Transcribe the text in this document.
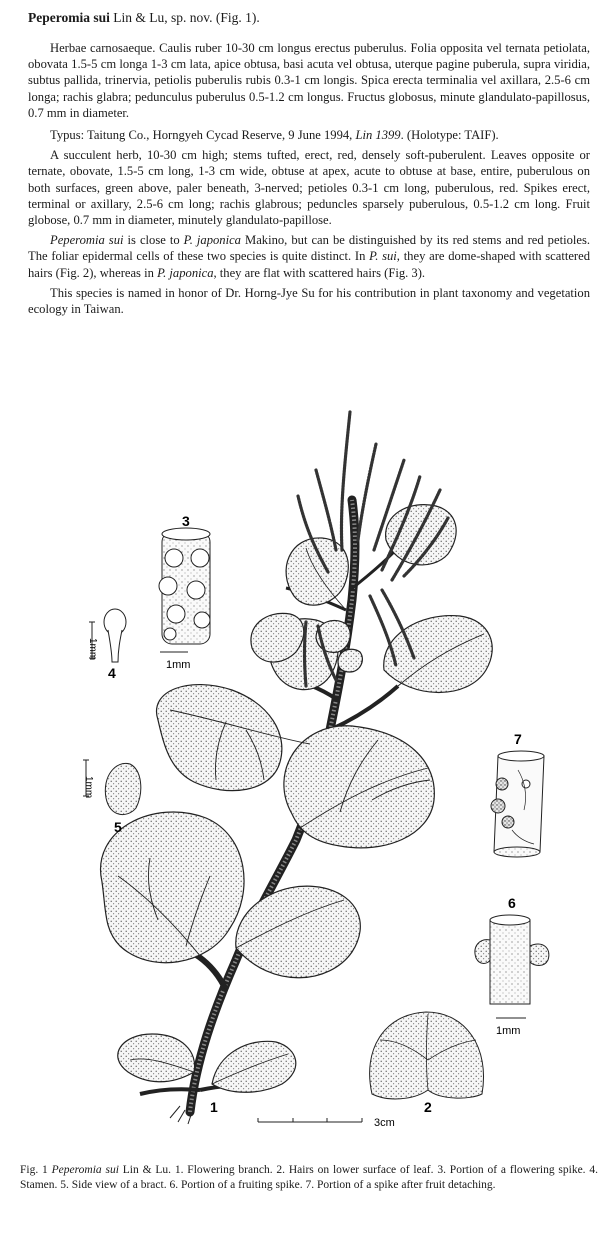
Peperomia sui Lin & Lu, sp. nov. (Fig. 1).

Herbae carnosaeque. Caulis ruber 10-30 cm longus erectus puberulus. Folia opposita vel ternata petiolata, obovata 1.5-5 cm longa 1-3 cm lata, apice obtusa, basi acuta vel obtusa, uterque pagine puberula, supra viridia, subtus pallida, trinervia, petiolis puberulis rubis 0.3-1 cm longis. Spica erecta terminalia vel axillara, 2.5-6 cm longa; rachis glabra; pedunculus puberulus 0.5-1.2 cm longus. Fructus globosus, minute glandulato-papillosus, 0.7 mm in diameter.

Typus: Taitung Co., Horngyeh Cycad Reserve, 9 June 1994, Lin 1399. (Holotype: TAIF).

A succulent herb, 10-30 cm high; stems tufted, erect, red, densely soft-puberulent. Leaves opposite or ternate, obovate, 1.5-5 cm long, 1-3 cm wide, obtuse at apex, acute to obtuse at base, entire, puberulous on both surfaces, green above, paler beneath, 3-nerved; petioles 0.3-1 cm long, puberulous, red. Spikes erect, terminal or axillary, 2.5-6 cm long; rachis glabrous; peduncles sparsely puberulous, 0.5-1.2 cm long. Fruit globose, 0.7 mm in diameter, minutely glandulato-papillose.

Peperomia sui is close to P. japonica Makino, but can be distinguished by its red stems and red petioles. The foliar epidermal cells of these two species is quite distinct. In P. sui, they are dome-shaped with scattered hairs (Fig. 2), whereas in P. japonica, they are flat with scattered hairs (Fig. 3).

This species is named in honor of Dr. Horng-Jye Su for his contribution in plant taxonomy and vegetation ecology in Taiwan.

3cm
1	2
3
1mm
1mm
4
1mm
5
7
6
1mm
Fig. 1 Peperomia sui Lin & Lu. 1. Flowering branch. 2. Hairs on lower surface of leaf. 3. Portion of a flowering spike. 4. Stamen. 5. Side view of a bract. 6. Portion of a fruiting spike. 7. Portion of a spike after fruit detaching.
